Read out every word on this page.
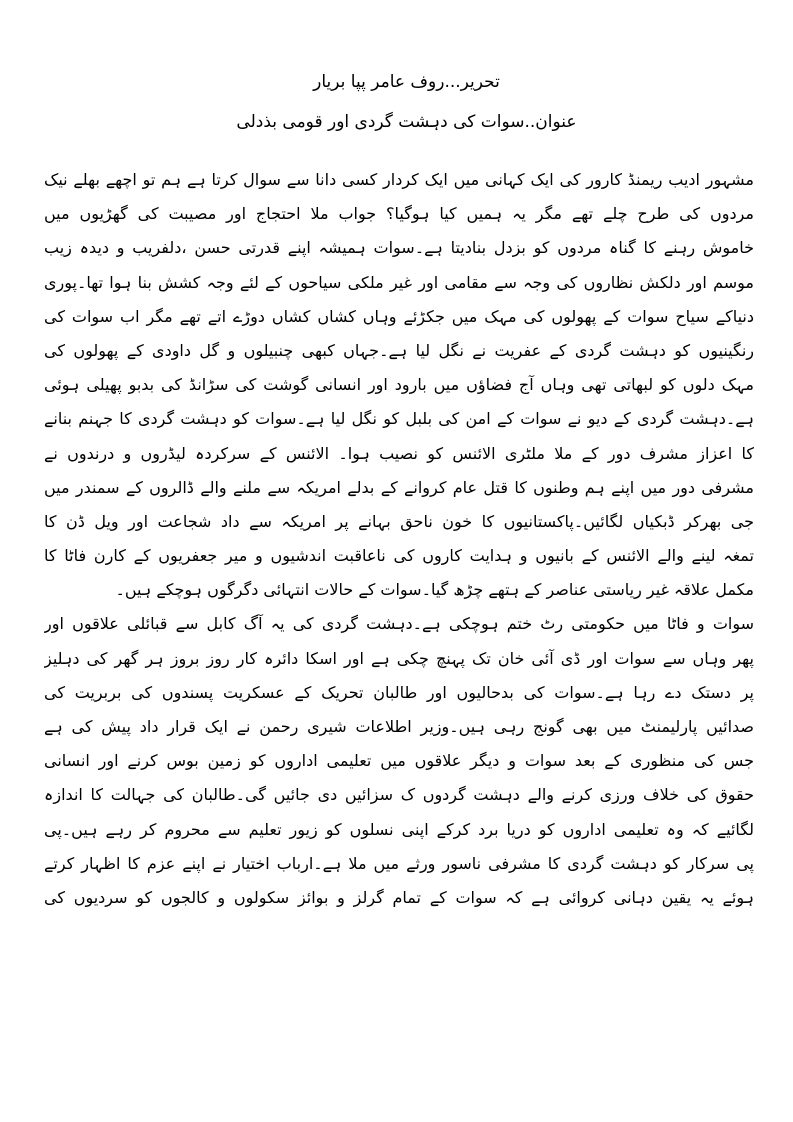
تحریر...روف عامر پپا بریار
عنوان..سوات کی دہشت گردی اور قومی بذدلی
مشہور ادیب ریمنڈ کارور کی ایک کہانی میں ایک کردار کسی دانا سے سوال کرتا ہے ہم تو اچھے بھلے نیک
مردوں کی طرح چلے تھے مگر یہ ہمیں کیا ہوگیا؟ جواب ملا احتجاج اور مصیبت کی گھڑیوں میں
خاموش رہنے کا گناہ مردوں کو بزدل بنادیتا ہے۔سوات ہمیشہ اپنے قدرتی حسن ،دلفریب و دیدہ زیب
موسم اور دلکش نظاروں کی وجہ سے مقامی اور غیر ملکی سیاحوں کے لئے وجہ کشش بنا ہوا تھا۔پوری
دنیاکے سیاح سوات کے پھولوں کی مہک میں جکڑئے وہاں کشاں کشاں دوڑے اتے تھے مگر اب سوات کی
رنگینیوں کو دہشت گردی کے عفریت نے نگل لیا ہے۔جہاں کبھی چنبیلوں و گل داودی کے پھولوں کی
مہک دلوں کو لبھاتی تھی وہاں آج فضاؤں میں بارود اور انسانی گوشت کی سڑانڈ کی بدبو پھیلی ہوئی
ہے۔دہشت گردی کے دیو نے سوات کے امن کی بلبل کو نگل لیا ہے۔سوات کو دہشت گردی کا جہنم بنانے
کا اعزاز مشرف دور کے ملا ملٹری الائنس کو نصیب ہوا۔ الائنس کے سرکردہ لیڈروں و درندوں نے
مشرفی دور میں اپنے ہم وطنوں کا قتل عام کروانے کے بدلے امریکہ سے ملنے والے ڈالروں کے سمندر میں
جی بھرکر ڈبکیاں لگائیں۔پاکستانیوں کا خون ناحق بہانے پر امریکہ سے داد شجاعت اور ویل ڈن کا
تمغہ لینے والے الائنس کے بانیوں و ہدایت کاروں کی ناعاقبت اندشیوں و میر جعفریوں کے کارن فاٹا کا
مکمل علاقہ غیر ریاستی عناصر کے ہتھے چڑھ گیا۔سوات کے حالات انتہائی دگرگوں ہوچکے ہیں۔
سوات و فاٹا میں حکومتی رٹ ختم ہوچکی ہے۔دہشت گردی کی یہ آگ کابل سے قبائلی علاقوں اور
پھر وہاں سے سوات اور ڈی آئی خان تک پہنچ چکی ہے اور اسکا دائرہ کار روز بروز ہر گھر کی دہلیز
پر دستک دے رہا ہے۔سوات کی بدحالیوں اور طالبان تحریک کے عسکریت پسندوں کی بربریت کی
صدائیں پارلیمنٹ میں بھی گونج رہی ہیں۔وزیر اطلاعات شیری رحمن نے ایک قرار داد پیش کی ہے
جس کی منظوری کے بعد سوات و دیگر علاقوں میں تعلیمی اداروں کو زمین بوس کرنے اور انسانی
حقوق کی خلاف ورزی کرنے والے دہشت گردوں ک سزائیں دی جائیں گی۔طالبان کی جہالت کا اندازہ
لگائیے کہ وہ تعلیمی اداروں کو دریا برد کرکے اپنی نسلوں کو زیور تعلیم سے محروم کر رہے ہیں۔پی
پی سرکار کو دہشت گردی کا مشرفی ناسور ورثے میں ملا ہے۔ارباب اختیار نے اپنے عزم کا اظہار کرتے
ہوئے یہ یقین دہانی کروائی ہے کہ سوات کے تمام گرلز و بوائز سکولوں و کالجوں کو سردیوں کی
